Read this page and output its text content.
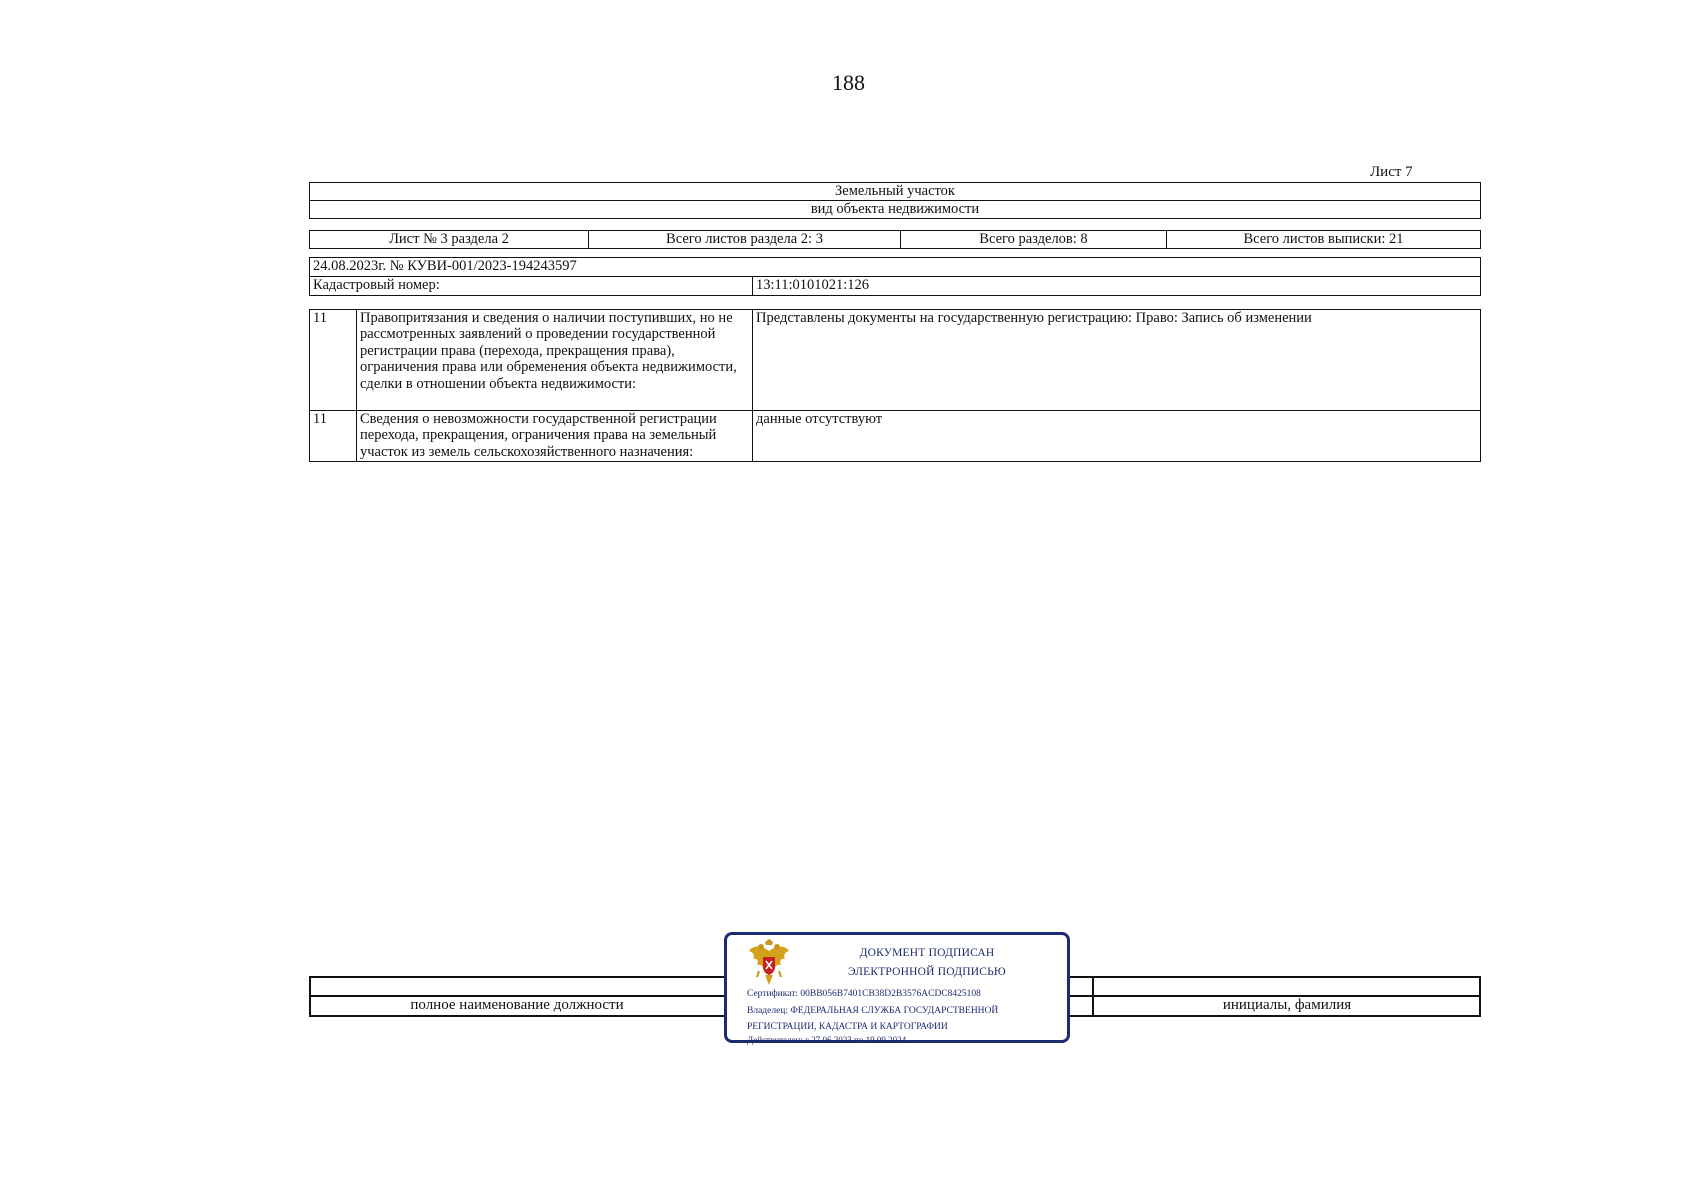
188
Лист 7
Земельный участок
вид объекта недвижимости
Лист № 3 раздела 2	Всего листов раздела 2: 3	Всего разделов: 8	Всего листов выписки: 21
24.08.2023г. № КУВИ-001/2023-194243597
Кадастровый номер:	13:11:0101021:126
11	Правопритязания и сведения о наличии поступивших, но не рассмотренных заявлений о проведении государственной регистрации права (перехода, прекращения права), ограничения права или обременения объекта недвижимости, сделки в отношении объекта недвижимости:	Представлены документы на государственную регистрацию: Право: Запись об изменении
11	Сведения о невозможности государственной регистрации перехода, прекращения, ограничения права на земельный участок из земель сельскохозяйственного назначения:	данные отсутствуют
полное наименование должности	инициалы, фамилия
ДОКУМЕНТ ПОДПИСАН
ЭЛЕКТРОННОЙ ПОДПИСЬЮ
Сертификат: 00BB056B7401CB38D2B3576ACDC8425108
Владелец: ФЕДЕРАЛЬНАЯ СЛУЖБА ГОСУДАРСТВЕННОЙ
РЕГИСТРАЦИИ, КАДАСТРА И КАРТОГРАФИИ
Действителен: с 27.06.2023 по 19.09.2024
